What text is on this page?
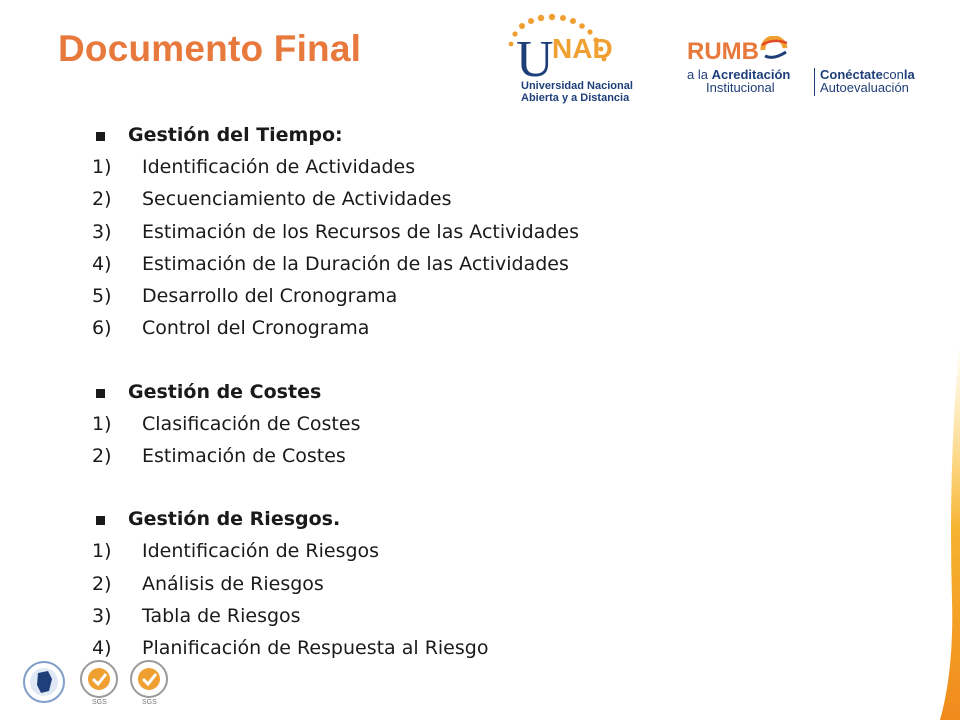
Documento Final	U
NAD
Universidad Nacional
Abierta y a Distancia
RUMB
a la Acreditación
Institucional
Conéctateconla
Autoevaluación
Gestión del Tiempo:
1) Identificación de Actividades
2) Secuenciamiento de Actividades
3) Estimación de los Recursos de las Actividades
4) Estimación de la Duración de las Actividades
5) Desarrollo del Cronograma
6) Control del Cronograma
Gestión de Costes
1) Clasificación de Costes
2) Estimación de Costes
Gestión de Riesgos.
1) Identificación de Riesgos
2) Análisis de Riesgos
3) Tabla de Riesgos
4) Planificación de Respuesta al Riesgo
SGS	SGS
